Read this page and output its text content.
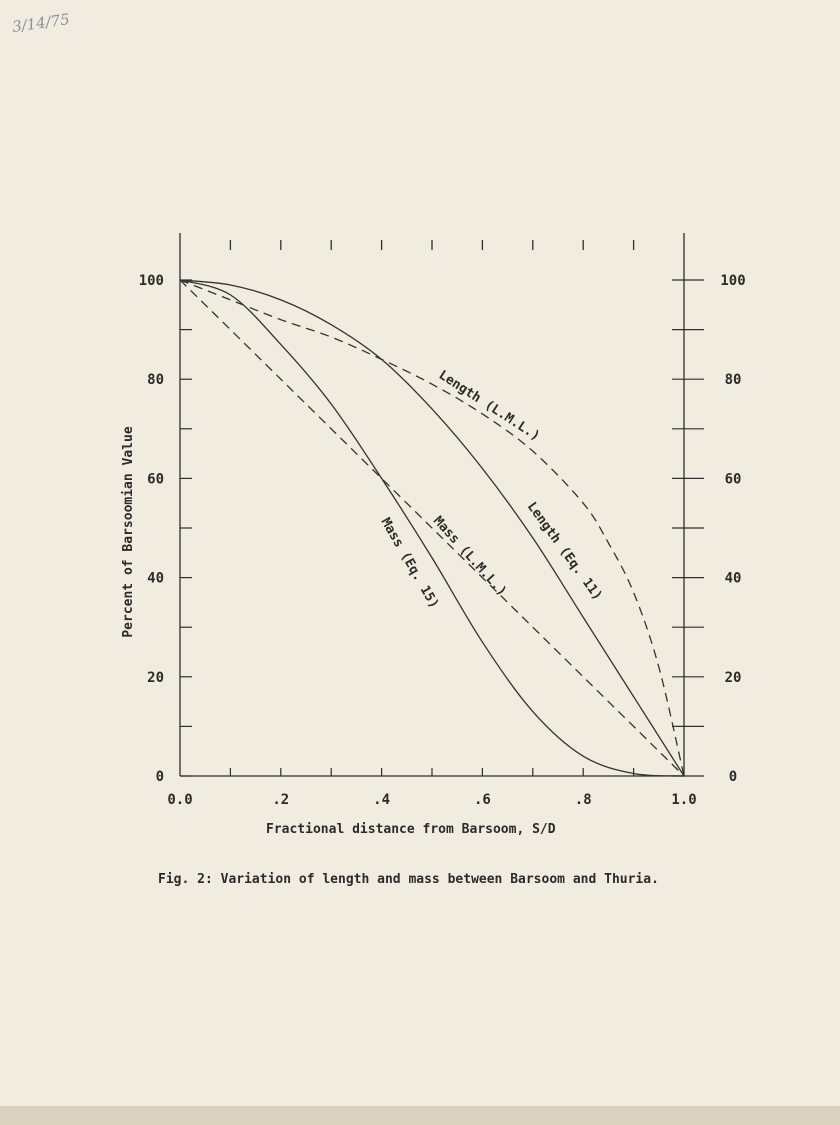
3/14/75
0.0	.2	.4	.6	.8	1.0
0
20
40
60
80
100
0
20
40
60
80
100
Percent of Barsoomian Value
Fractional distance from Barsoom, S/D
Length (L.M.L.)
Length (Eq. 11)
Mass (L.M.L.)
Mass (Eq. 15)
Fig. 2: Variation of length and mass between Barsoom and Thuria.
